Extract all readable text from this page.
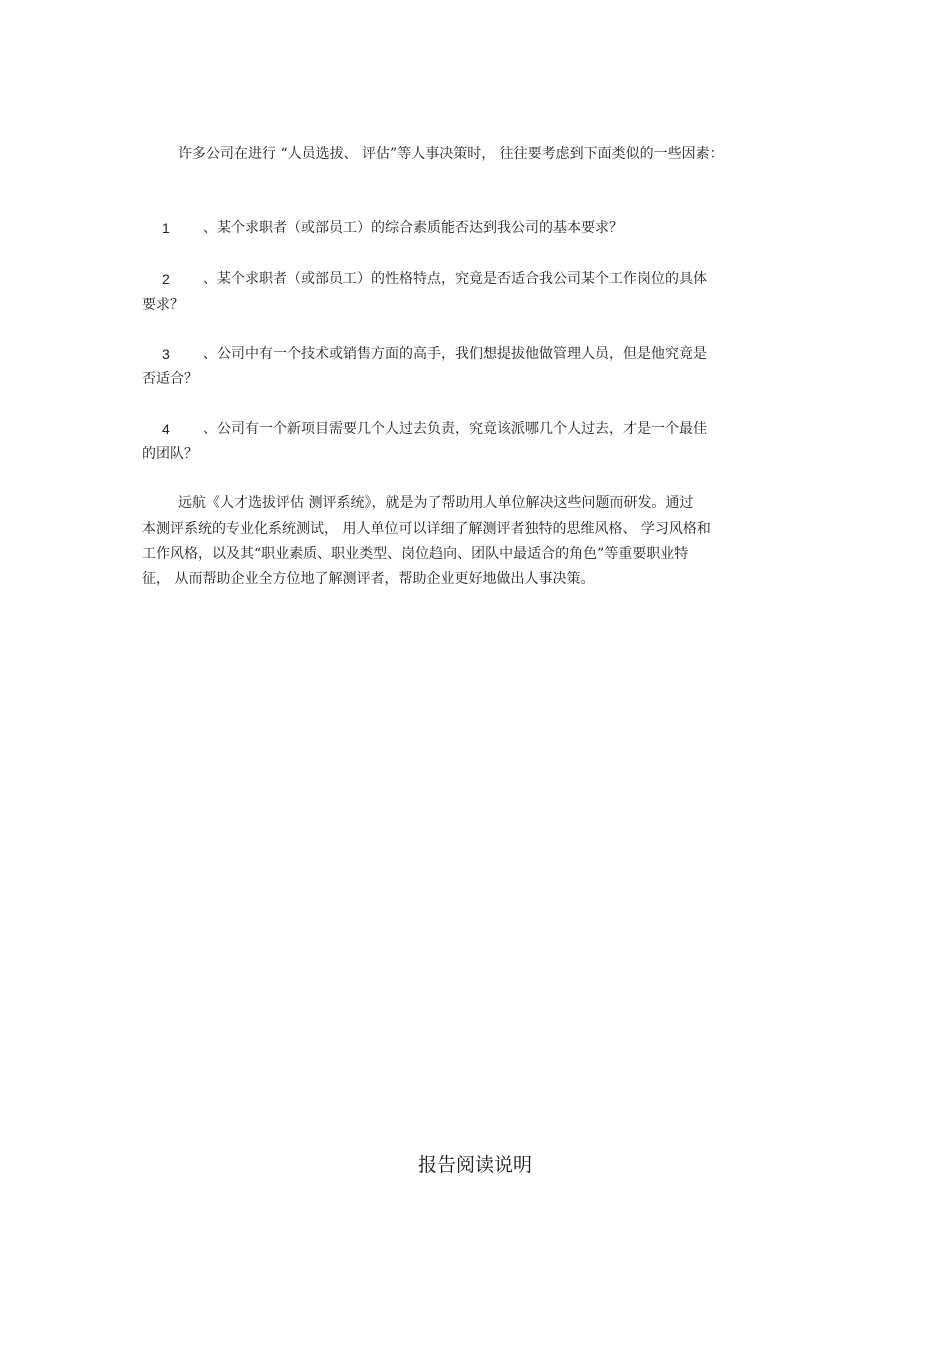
许多公司在进行 “人员选拔、 评估”等人事决策时， 往往要考虑到下面类似的一些因素：
1 、某个求职者（或部员工）的综合素质能否达到我公司的基本要求？
2 、某个求职者（或部员工）的性格特点，究竟是否适合我公司某个工作岗位的具体
要求？
3 、公司中有一个技术或销售方面的高手，我们想提拔他做管理人员，但是他究竟是
否适合？
4 、公司有一个新项目需要几个人过去负责，究竟该派哪几个人过去，才是一个最佳
的团队？
远航《人才选拔评估 测评系统》，就是为了帮助用人单位解决这些问题而研发。通过
本测评系统的专业化系统测试， 用人单位可以详细了解测评者独特的思维风格、 学习风格和
工作风格，以及其“职业素质、职业类型、岗位趋向、团队中最适合的角色”等重要职业特
征， 从而帮助企业全方位地了解测评者，帮助企业更好地做出人事决策。
报告阅读说明
